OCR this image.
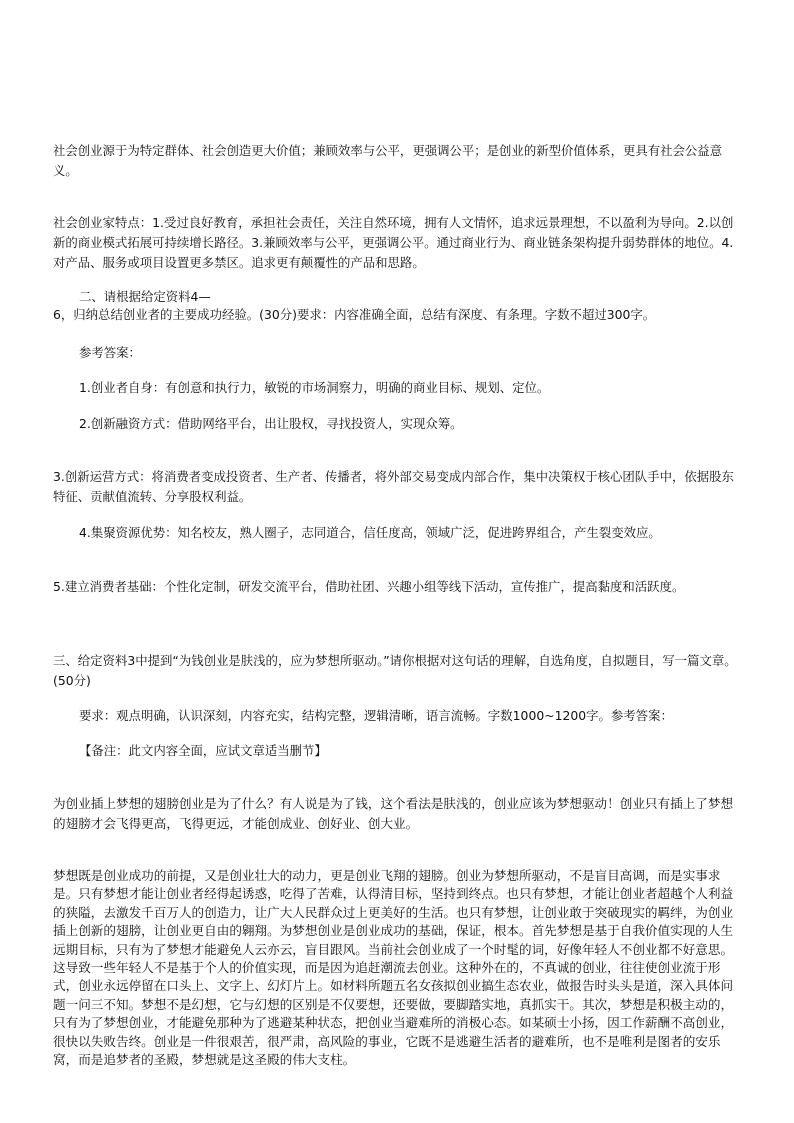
社会创业源于为特定群体、社会创造更大价值；兼顾效率与公平，更强调公平；是创业的新型价值体系，更具有社会公益意义。

社会创业家特点：1.受过良好教育，承担社会责任，关注自然环境，拥有人文情怀，追求远景理想，不以盈利为导向。2.以创新的商业模式拓展可持续增长路径。3.兼顾效率与公平，更强调公平。通过商业行为、商业链条架构提升弱势群体的地位。4.对产品、服务或项目设置更多禁区。追求更有颠覆性的产品和思路。

二、请根据给定资料4—

6，归纳总结创业者的主要成功经验。(30分)要求：内容准确全面，总结有深度、有条理。字数不超过300字。

参考答案：

1.创业者自身：有创意和执行力，敏锐的市场洞察力，明确的商业目标、规划、定位。

2.创新融资方式：借助网络平台，出让股权，寻找投资人，实现众筹。

3.创新运营方式：将消费者变成投资者、生产者、传播者，将外部交易变成内部合作，集中决策权于核心团队手中，依据股东特征、贡献值流转、分享股权利益。

4.集聚资源优势：知名校友，熟人圈子，志同道合，信任度高，领域广泛，促进跨界组合，产生裂变效应。

5.建立消费者基础：个性化定制，研发交流平台，借助社团、兴趣小组等线下活动，宣传推广，提高黏度和活跃度。

三、给定资料3中提到“为钱创业是肤浅的，应为梦想所驱动。”请你根据对这句话的理解，自选角度，自拟题目，写一篇文章。(50分)

要求：观点明确，认识深刻，内容充实，结构完整，逻辑清晰，语言流畅。字数1000~1200字。参考答案：

【备注：此文内容全面，应试文章适当删节】

为创业插上梦想的翅膀创业是为了什么？有人说是为了钱，这个看法是肤浅的，创业应该为梦想驱动！创业只有插上了梦想的翅膀才会飞得更高，飞得更远，才能创成业、创好业、创大业。

梦想既是创业成功的前提，又是创业壮大的动力，更是创业飞翔的翅膀。创业为梦想所驱动，不是盲目高调，而是实事求是。只有梦想才能让创业者经得起诱惑，吃得了苦难，认得清目标，坚持到终点。也只有梦想，才能让创业者超越个人利益的狭隘，去激发千百万人的创造力，让广大人民群众过上更美好的生活。也只有梦想，让创业敢于突破现实的羁绊，为创业插上创新的翅膀，让创业更自由的翱翔。为梦想创业是创业成功的基础，保证，根本。首先梦想是基于自我价值实现的人生远期目标，只有为了梦想才能避免人云亦云，盲目跟风。当前社会创业成了一个时髦的词，好像年轻人不创业都不好意思。这导致一些年轻人不是基于个人的价值实现，而是因为追赶潮流去创业。这种外在的，不真诚的创业，往往使创业流于形式，创业永远停留在口头上、文字上、幻灯片上。如材料所题五名女孩拟创业搞生态农业，做报告时头头是道，深入具体问题一问三不知。梦想不是幻想，它与幻想的区别是不仅要想，还要做，要脚踏实地，真抓实干。其次，梦想是积极主动的，只有为了梦想创业，才能避免那种为了逃避某种状态，把创业当避难所的消极心态。如某硕士小扬，因工作薪酬不高创业，很快以失败告终。创业是一件很艰苦，很严肃，高风险的事业，它既不是逃避生活者的避难所，也不是唯利是图者的安乐窝，而是追梦者的圣殿，梦想就是这圣殿的伟大支柱。
